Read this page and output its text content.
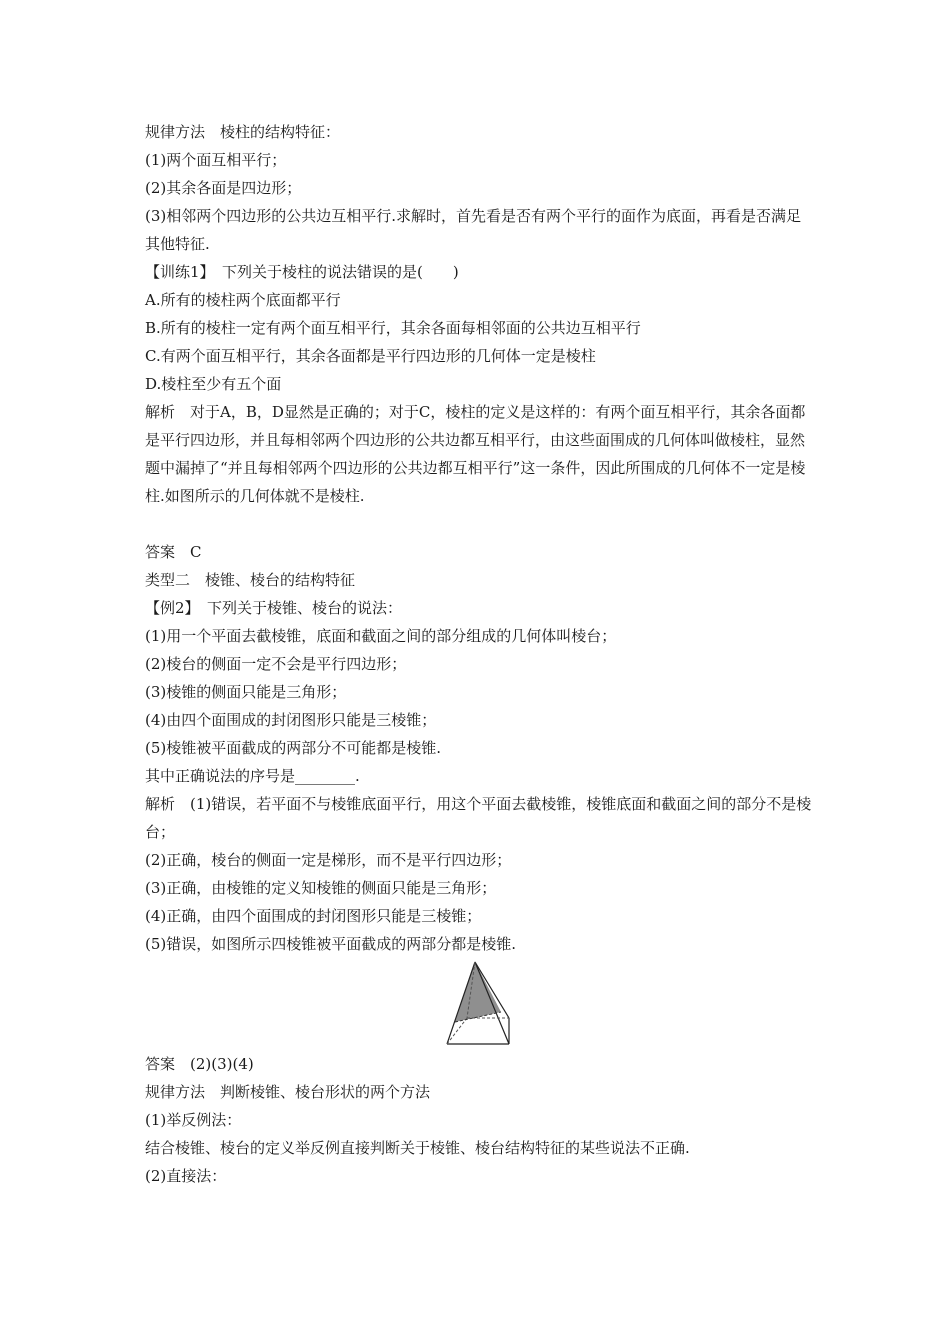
规律方法　棱柱的结构特征：
(1)两个面互相平行；
(2)其余各面是四边形；
(3)相邻两个四边形的公共边互相平行.求解时，首先看是否有两个平行的面作为底面，再看是否满足其他特征.
【训练1】　下列关于棱柱的说法错误的是(　　)
A.所有的棱柱两个底面都平行
B.所有的棱柱一定有两个面互相平行，其余各面每相邻面的公共边互相平行
C.有两个面互相平行，其余各面都是平行四边形的几何体一定是棱柱
D.棱柱至少有五个面
解析　对于A，B，D显然是正确的；对于C，棱柱的定义是这样的：有两个面互相平行，其余各面都是平行四边形，并且每相邻两个四边形的公共边都互相平行，由这些面围成的几何体叫做棱柱，显然题中漏掉了“并且每相邻两个四边形的公共边都互相平行”这一条件，因此所围成的几何体不一定是棱柱.如图所示的几何体就不是棱柱.
答案　C
类型二　棱锥、棱台的结构特征
【例2】　下列关于棱锥、棱台的说法：
(1)用一个平面去截棱锥，底面和截面之间的部分组成的几何体叫棱台；
(2)棱台的侧面一定不会是平行四边形；
(3)棱锥的侧面只能是三角形；
(4)由四个面围成的封闭图形只能是三棱锥；
(5)棱锥被平面截成的两部分不可能都是棱锥.
其中正确说法的序号是________.
解析　(1)错误，若平面不与棱锥底面平行，用这个平面去截棱锥，棱锥底面和截面之间的部分不是棱台；
(2)正确，棱台的侧面一定是梯形，而不是平行四边形；
(3)正确，由棱锥的定义知棱锥的侧面只能是三角形；
(4)正确，由四个面围成的封闭图形只能是三棱锥；
(5)错误，如图所示四棱锥被平面截成的两部分都是棱锥.
答案　(2)(3)(4)
规律方法　判断棱锥、棱台形状的两个方法
(1)举反例法：
结合棱锥、棱台的定义举反例直接判断关于棱锥、棱台结构特征的某些说法不正确.
(2)直接法：
